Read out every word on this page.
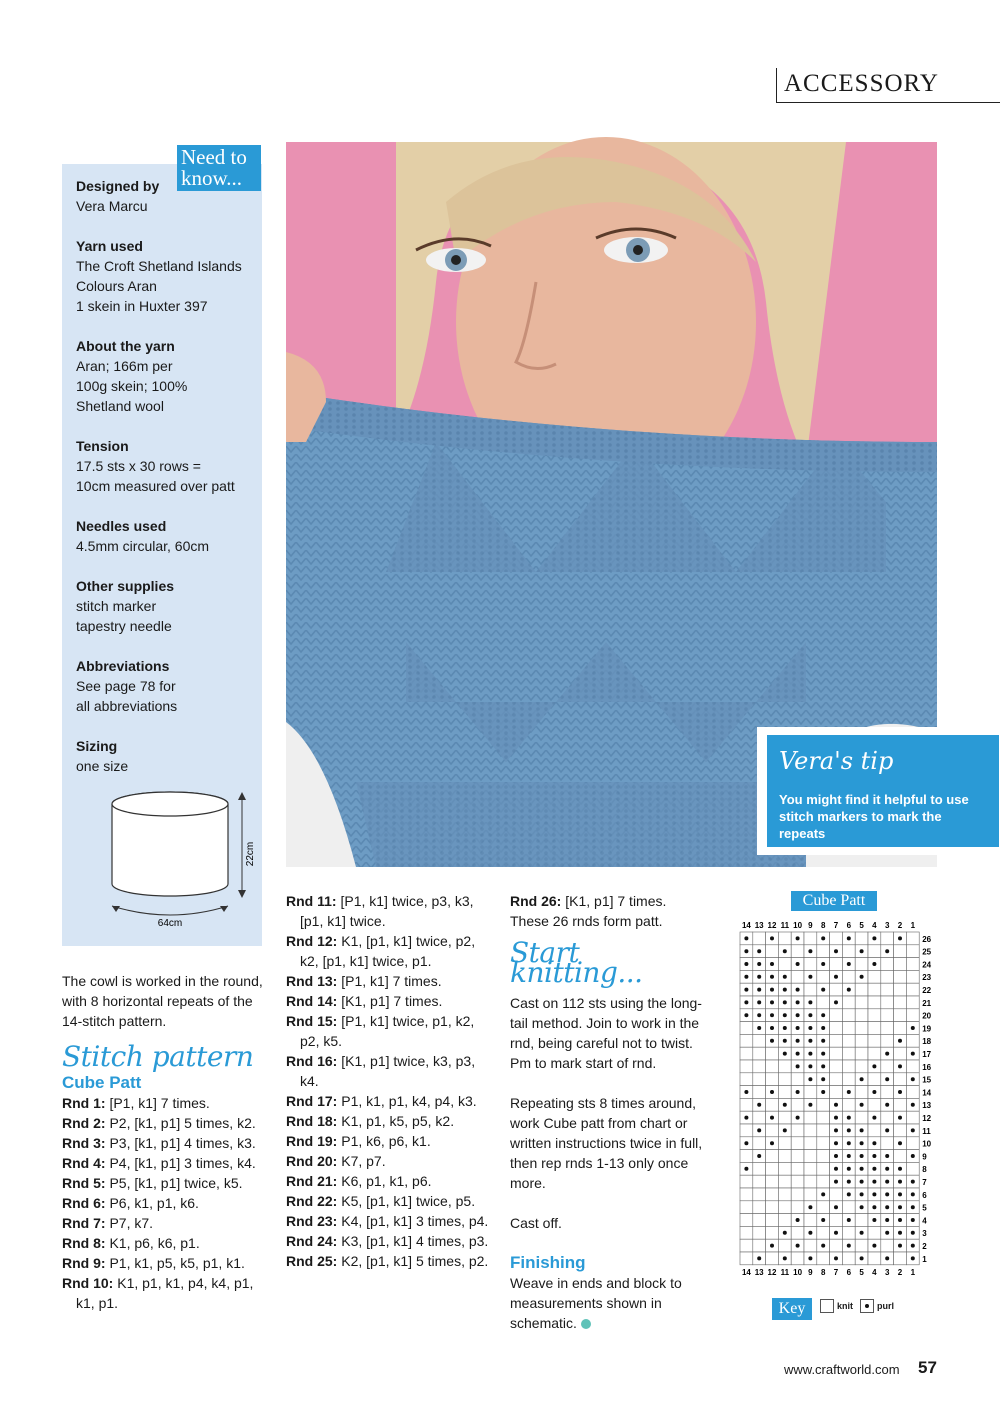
ACCESSORY
Designed by

Vera Marcu

Yarn used

The Croft Shetland Islands
Colours Aran
1 skein in Huxter 397

About the yarn

Aran; 166m per
100g skein; 100%
Shetland wool

Tension

17.5 sts x 30 rows =
10cm measured over patt

Needles used

4.5mm circular, 60cm

Other supplies

stitch marker
tapestry needle

Abbreviations

See page 78 for
all abbreviations

Sizing

one size

22cm
64cm
Need to know...
Vera's tip
You might find it helpful to use stitch markers to mark the repeats

The cowl is worked in the round, with 8 horizontal repeats of the 14-stitch pattern.

Stitch pattern
Cube Patt

Rnd 1: [P1, k1] 7 times.

Rnd 2: P2, [k1, p1] 5 times, k2.

Rnd 3: P3, [k1, p1] 4 times, k3.

Rnd 4: P4, [k1, p1] 3 times, k4.

Rnd 5: P5, [k1, p1] twice, k5.

Rnd 6: P6, k1, p1, k6.

Rnd 7: P7, k7.

Rnd 8: K1, p6, k6, p1.

Rnd 9: P1, k1, p5, k5, p1, k1.

Rnd 10: K1, p1, k1, p4, k4, p1, k1, p1.

Rnd 11: [P1, k1] twice, p3, k3, [p1, k1] twice.

Rnd 12: K1, [p1, k1] twice, p2, k2, [p1, k1] twice, p1.

Rnd 13: [P1, k1] 7 times.

Rnd 14: [K1, p1] 7 times.

Rnd 15: [P1, k1] twice, p1, k2, p2, k5.

Rnd 16: [K1, p1] twice, k3, p3, k4.

Rnd 17: P1, k1, p1, k4, p4, k3.

Rnd 18: K1, p1, k5, p5, k2.

Rnd 19: P1, k6, p6, k1.

Rnd 20: K7, p7.

Rnd 21: K6, p1, k1, p6.

Rnd 22: K5, [p1, k1] twice, p5.

Rnd 23: K4, [p1, k1] 3 times, p4.

Rnd 24: K3, [p1, k1] 4 times, p3.

Rnd 25: K2, [p1, k1] 5 times, p2.

Rnd 26: [K1, p1] 7 times.

These 26 rnds form patt.

Start knitting...

Cast on 112 sts using the long-tail method. Join to work in the rnd, being careful not to twist. Pm to mark start of rnd.

Repeating sts 8 times around, work Cube patt from chart or written instructions twice in full, then rep rnds 1-13 only once more.

Cast off.

Finishing

Weave in ends and block to measurements shown in schematic.

Cube Patt
26
25
24
23
22
21
20
19
18
17
16
15
14
13
12
11
10
9
8
7
6
5
4
3
2
1
14
14
13
13
12
12
11
11
10
10
9
9
8
8
7
7
6
6
5
5
4
4
3
3
2
2
1
1
Key	knit	purl
www.craftworld.com 57
